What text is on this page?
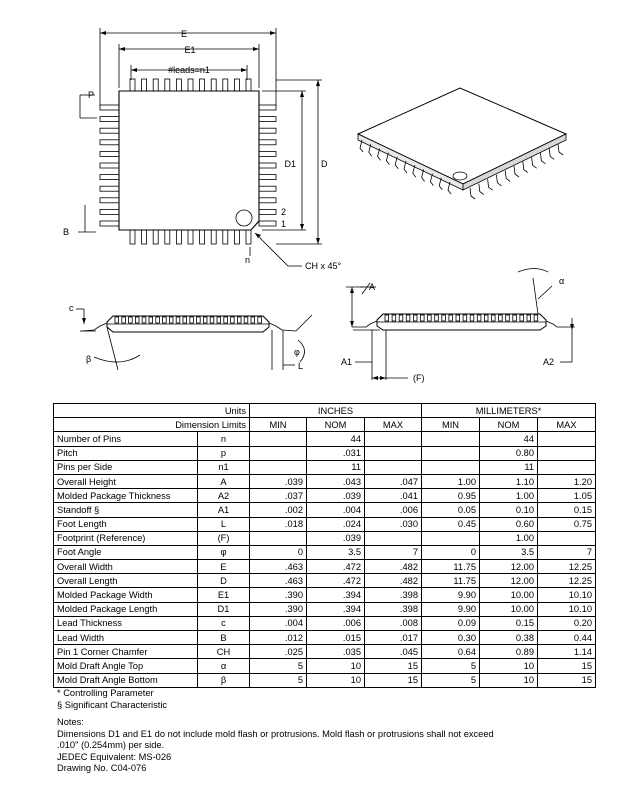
E
E1
#leads=n1
P
B
D1	D
2
1
n
CH x 45°
c
β
φ
L
A
α
A1	A2
(F)
Units		INCHES			MILLIMETERS*		
Dimension Limits		MIN	NOM	MAX	MIN	NOM	MAX
Number of Pins	n		44			44	
Pitch	p		.031			0.80	
Pins per Side	n1		11			11	
Overall Height	A	.039	.043	.047	1.00	1.10	1.20
Molded Package Thickness	A2	.037	.039	.041	0.95	1.00	1.05
Standoff §	A1	.002	.004	.006	0.05	0.10	0.15
Foot Length	L	.018	.024	.030	0.45	0.60	0.75
Footprint (Reference)	(F)		.039			1.00	
Foot Angle	φ	0	3.5	7	0	3.5	7
Overall Width	E	.463	.472	.482	11.75	12.00	12.25
Overall Length	D	.463	.472	.482	11.75	12.00	12.25
Molded Package Width	E1	.390	.394	.398	9.90	10.00	10.10
Molded Package Length	D1	.390	.394	.398	9.90	10.00	10.10
Lead Thickness	c	.004	.006	.008	0.09	0.15	0.20
Lead Width	B	.012	.015	.017	0.30	0.38	0.44
Pin 1 Corner Chamfer	CH	.025	.035	.045	0.64	0.89	1.14
Mold Draft Angle Top	α	5	10	15	5	10	15
Mold Draft Angle Bottom	β	5	10	15	5	10	15
* Controlling Parameter
§ Significant Characteristic
Notes:
Dimensions D1 and E1 do not include mold flash or protrusions. Mold flash or protrusions shall not exceed
.010" (0.254mm) per side.
JEDEC Equivalent: MS-026
Drawing No. C04-076
